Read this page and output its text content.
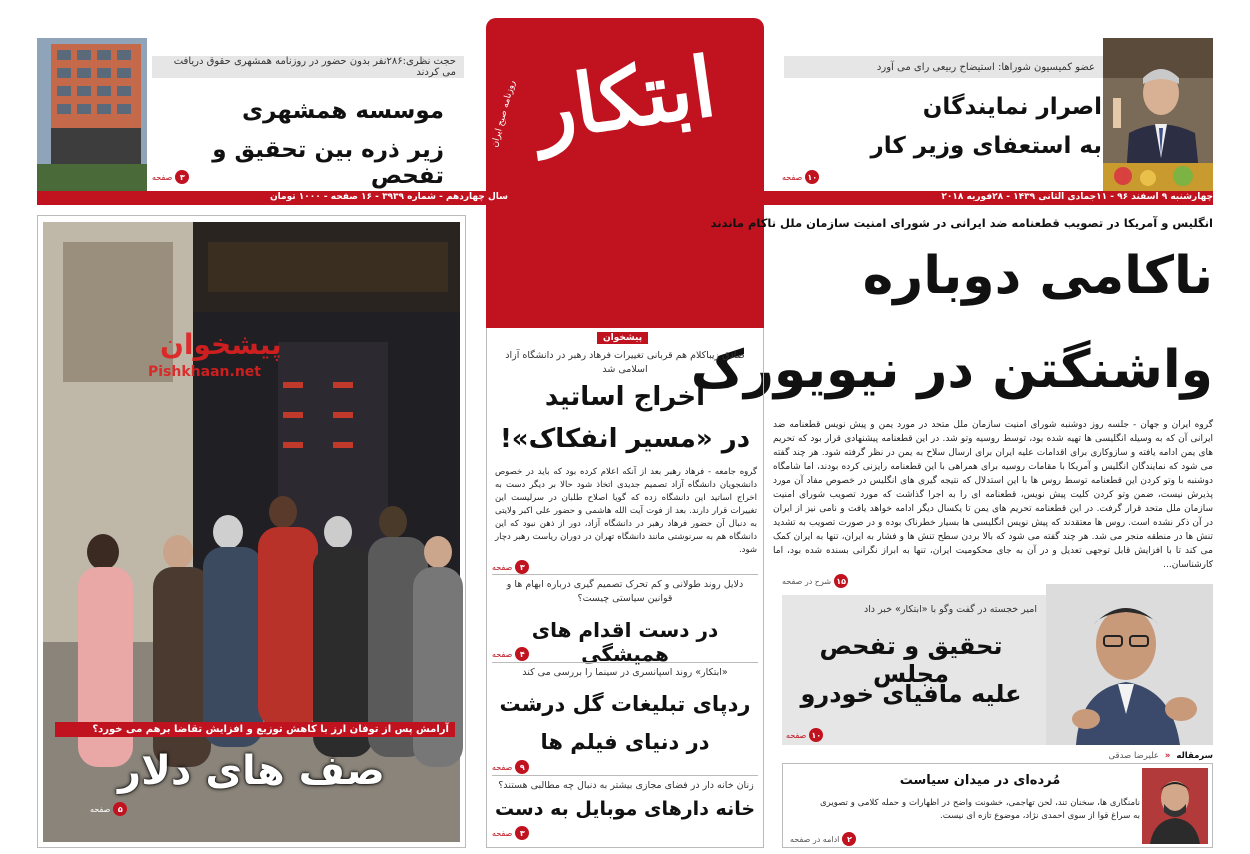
عضو کمیسیون شوراها: استیضاح ربیعی رای می آورد
اصرار نمایندگان
به استعفای وزیر کار
۱۰
صفحه
حجت نظری:۲۸۶نفر بدون حضور در روزنامه همشهری حقوق دریافت می کردند
موسسه همشهری
زیر ذره بین تحقیق و تفحص
۳
صفحه
ابتکار
روزنامه صبح ایران
چهارشنبه ۹ اسفند ۹۶ - ۱۱جمادی الثانی ۱۴۳۹ - ۲۸فوریه ۲۰۱۸
سال چهاردهم - شماره ۳۹۳۹ - ۱۶ صفحه - ۱۰۰۰ تومان
انگلیس و آمریکا در تصویب قطعنامه ضد ایرانی در شورای امنیت سازمان ملل ناکام ماندند
ناکامی دوباره
واشنگتن در نیویورک
گروه ایران و جهان - جلسه روز دوشنبه شورای امنیت سازمان ملل متحد در مورد یمن و پیش نویس قطعنامه ضد ایرانی آن که به وسیله انگلیسی ها تهیه شده بود، توسط روسیه وتو شد. در این قطعنامه پیشنهادی قرار بود که تحریم های یمن ادامه یافته و سازوکاری برای اقدامات علیه ایران برای ارسال سلاح به یمن در نظر گرفته شود. هر چند گفته می شود که نمایندگان انگلیس و آمریکا با مقامات روسیه برای همراهی با این قطعنامه رایزنی کرده بودند، اما شامگاه دوشنبه با وتو کردن این قطعنامه توسط روس ها با این استدلال که نتیجه گیری های انگلیس در خصوص مفاد آن مورد پذیرش نیست، ضمن وتو کردن کلیت پیش نویس، قطعنامه ای را به اجرا گذاشت که مورد تصویب شورای امنیت سازمان ملل متحد قرار گرفت. در این قطعنامه تحریم های یمن تا یکسال دیگر ادامه خواهد یافت و نامی نیز از ایران در آن ذکر نشده است. روس ها معتقدند که پیش نویس انگلیسی ها بسیار خطرناک بوده و در صورت تصویب به تشدید تنش ها در منطقه منجر می شد. هر چند گفته می شود که بالا بردن سطح تنش ها و فشار به ایران، تنها به ایران کمک می کند تا با افزایش قابل توجهی تعدیل و در آن به جای محکومیت ایران، تنها به ابراز نگرانی بسنده شده بود، اما کارشناسان...
۱۵
شرح در صفحه
امیر خجسته در گفت وگو با «ابتکار» خبر داد
تحقیق و تفحص مجلس
علیه مافیای خودرو
۱۰
صفحه
سرمقاله
«
علیرضا صدقی
مُرده‌ای در میدان سیاست
نامنگاری ها، سخنان تند، لحن تهاجمی، خشونت واضح در اظهارات و حمله کلامی و تصویری به سراغ قوا از سوی احمدی نژاد، موضوع تازه ای نیست.
۲
ادامه در صفحه
پیشخوان
صادق زیباکلام هم قربانی تغییرات فرهاد رهبر در دانشگاه آزاد اسلامی شد
اخراج اساتید
در «مسیر انفکاک»!
گروه جامعه - فرهاد رهبر بعد از آنکه اعلام کرده بود که باید در خصوص دانشجویان دانشگاه آزاد تصمیم جدیدی اتخاذ شود حالا بر دیگر دست به اخراج اساتید این دانشگاه زده که گویا اصلاح طلبان در سرلیست این تغییرات قرار دارند. بعد از فوت آیت الله هاشمی و حضور علی اکبر ولایتی به دنبال آن حضور فرهاد رهبر در دانشگاه آزاد، دور از ذهن نبود که این دانشگاه هم به سرنوشتی مانند دانشگاه تهران در دوران ریاست رهبر دچار شود.
۳
صفحه
دلایل روند طولانی و کم تحرک تصمیم گیری درباره ابهام ها و قوانین سیاستی چیست؟
در دست اقدام های همیشگی
۴
صفحه
«ابتکار» روند اسپانسری در سینما را بررسی می کند
ردپای تبلیغات گل درشت
در دنیای فیلم ها
۹
صفحه
زنان خانه دار در فضای مجازی بیشتر به دنبال چه مطالبی هستند؟
خانه دارهای موبایل به دست
۳
صفحه
پیشخوان
Pishkhaan.net
آرامش پس از توفان ارز با کاهش توزیع و افزایش تقاضا برهم می خورد؟
صف های دلار
۵
صفحه
